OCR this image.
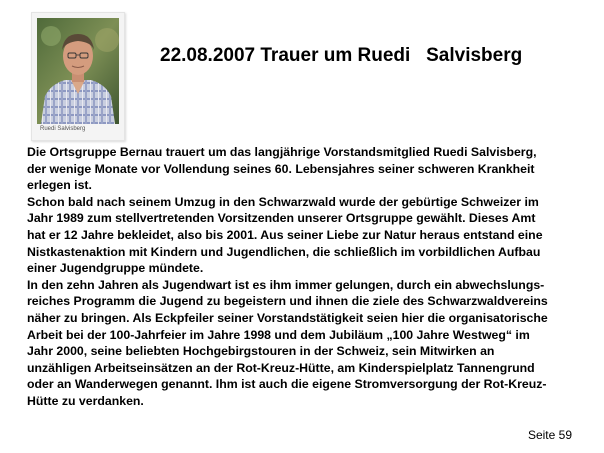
Ruedi Salvisberg
22.08.2007 Trauer um Ruedi   Salvisberg
Die Ortsgruppe Bernau trauert um das langjährige Vorstandsmitglied Ruedi Salvisberg,
der wenige Monate vor Vollendung seines 60. Lebensjahres seiner schweren Krankheit
erlegen ist.
Schon bald nach seinem Umzug in den Schwarzwald wurde der gebürtige Schweizer im
Jahr 1989 zum stellvertretenden Vorsitzenden unserer Ortsgruppe gewählt. Dieses Amt
hat er 12 Jahre bekleidet, also bis 2001. Aus seiner Liebe zur Natur heraus entstand eine
Nistkastenaktion mit Kindern und Jugendlichen, die schließlich im vorbildlichen Aufbau
einer Jugendgruppe mündete.
In den zehn Jahren als Jugendwart ist es ihm immer gelungen, durch ein abwechslungs-
reiches Programm die Jugend zu begeistern und ihnen die ziele des Schwarzwaldvereins
näher zu bringen. Als Eckpfeiler seiner Vorstandstätigkeit seien hier die organisatorische
Arbeit bei der 100-Jahrfeier im Jahre 1998 und dem Jubiläum „100 Jahre Westweg“ im
Jahr 2000, seine beliebten Hochgebirgstouren in der Schweiz, sein Mitwirken an
unzähligen Arbeitseinsätzen an der Rot-Kreuz-Hütte, am Kinderspielplatz Tannengrund
oder an Wanderwegen genannt. Ihm ist auch die eigene Stromversorgung der Rot-Kreuz-
Hütte zu verdanken.
Seite 59
